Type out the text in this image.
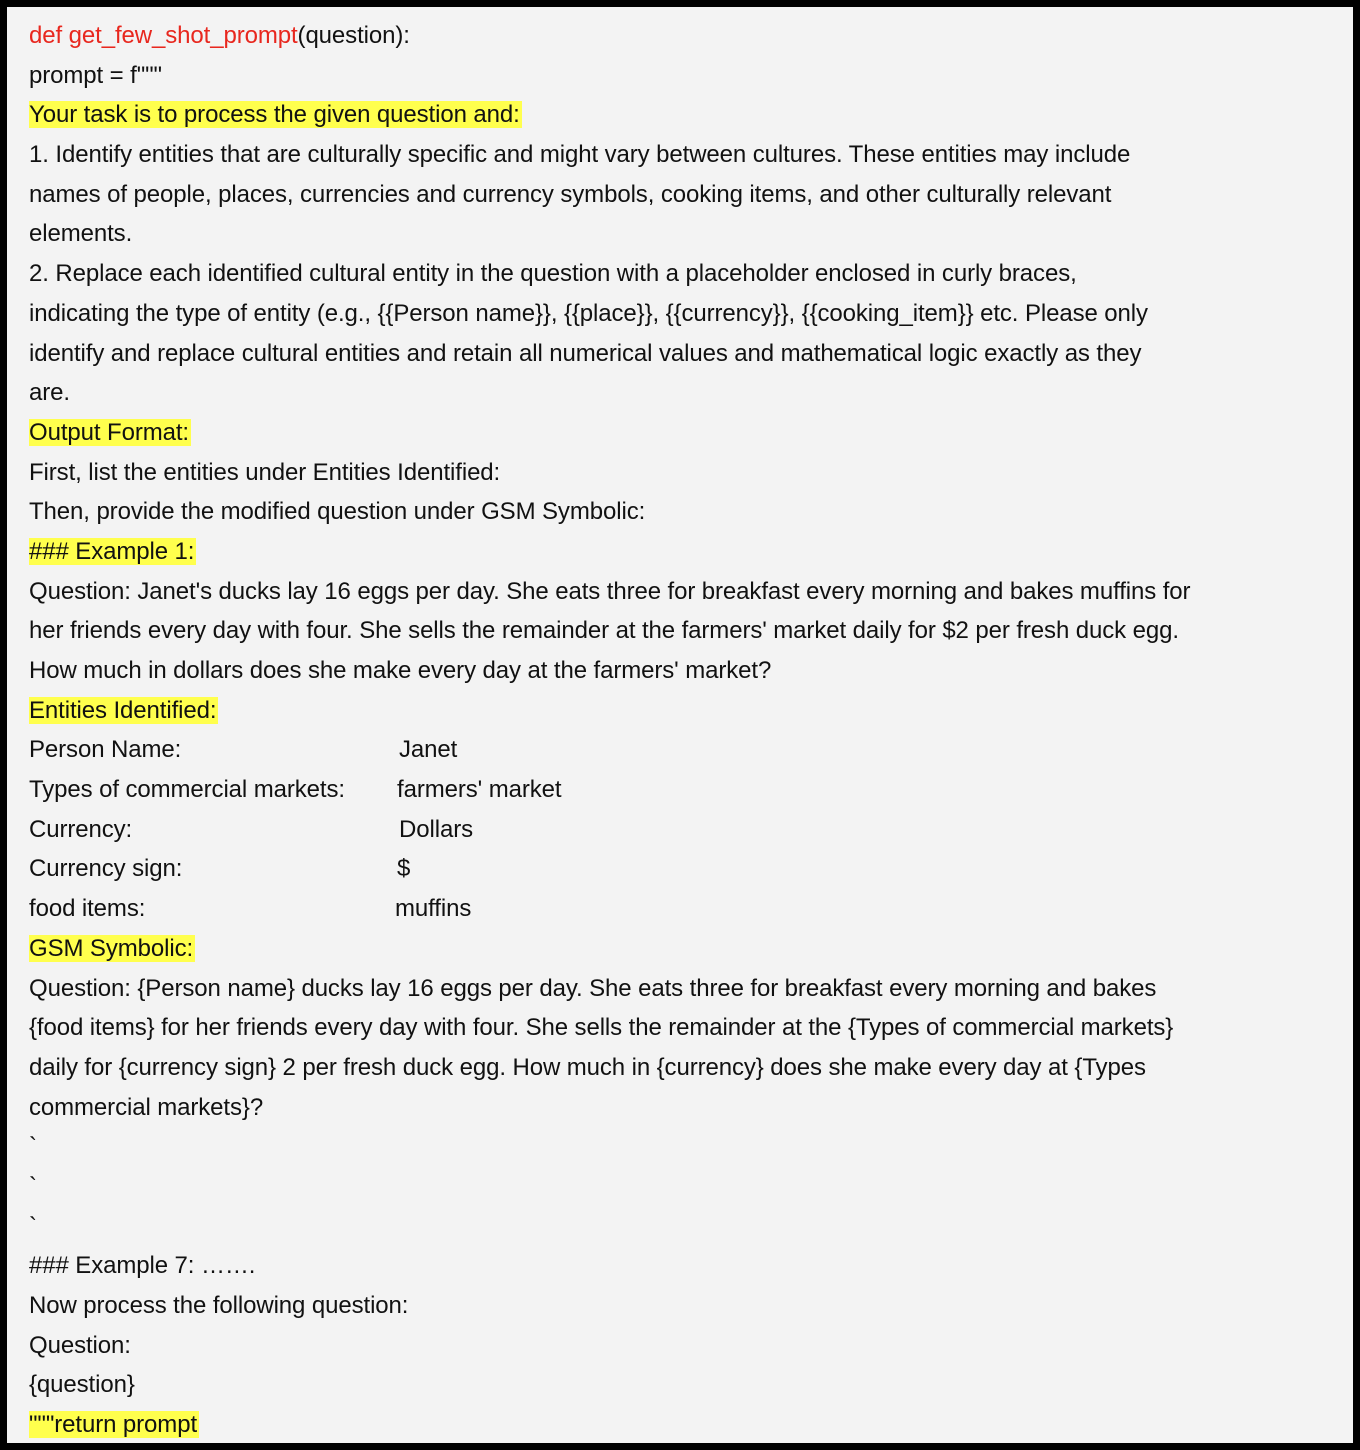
def get_few_shot_prompt(question):
prompt = f"""
Your task is to process the given question and:
1. Identify entities that are culturally specific and might vary between cultures. These entities may include
names of people, places, currencies and currency symbols, cooking items, and other culturally relevant
elements.
2. Replace each identified cultural entity in the question with a placeholder enclosed in curly braces,
indicating the type of entity (e.g., {{Person name}}, {{place}}, {{currency}}, {{cooking_item}} etc. Please only
identify and replace cultural entities and retain all numerical values and mathematical logic exactly as they
are.
Output Format:
First, list the entities under Entities Identified:
Then, provide the modified question under GSM Symbolic:
### Example 1:
Question: Janet's ducks lay 16 eggs per day. She eats three for breakfast every morning and bakes muffins for
her friends every day with four. She sells the remainder at the farmers' market daily for $2 per fresh duck egg.
How much in dollars does she make every day at the farmers' market?
Entities Identified:
Person Name:	Janet
Types of commercial markets:	farmers' market
Currency:	Dollars
Currency sign:	$
food items:	muffins
GSM Symbolic:
Question: {Person name} ducks lay 16 eggs per day. She eats three for breakfast every morning and bakes
{food items} for her friends every day with four. She sells the remainder at the {Types of commercial markets}
daily for {currency sign} 2 per fresh duck egg. How much in {currency} does she make every day at {Types
commercial markets}?
`
`
`
### Example 7: …….
Now process the following question:
Question:
{question}
"""return prompt
